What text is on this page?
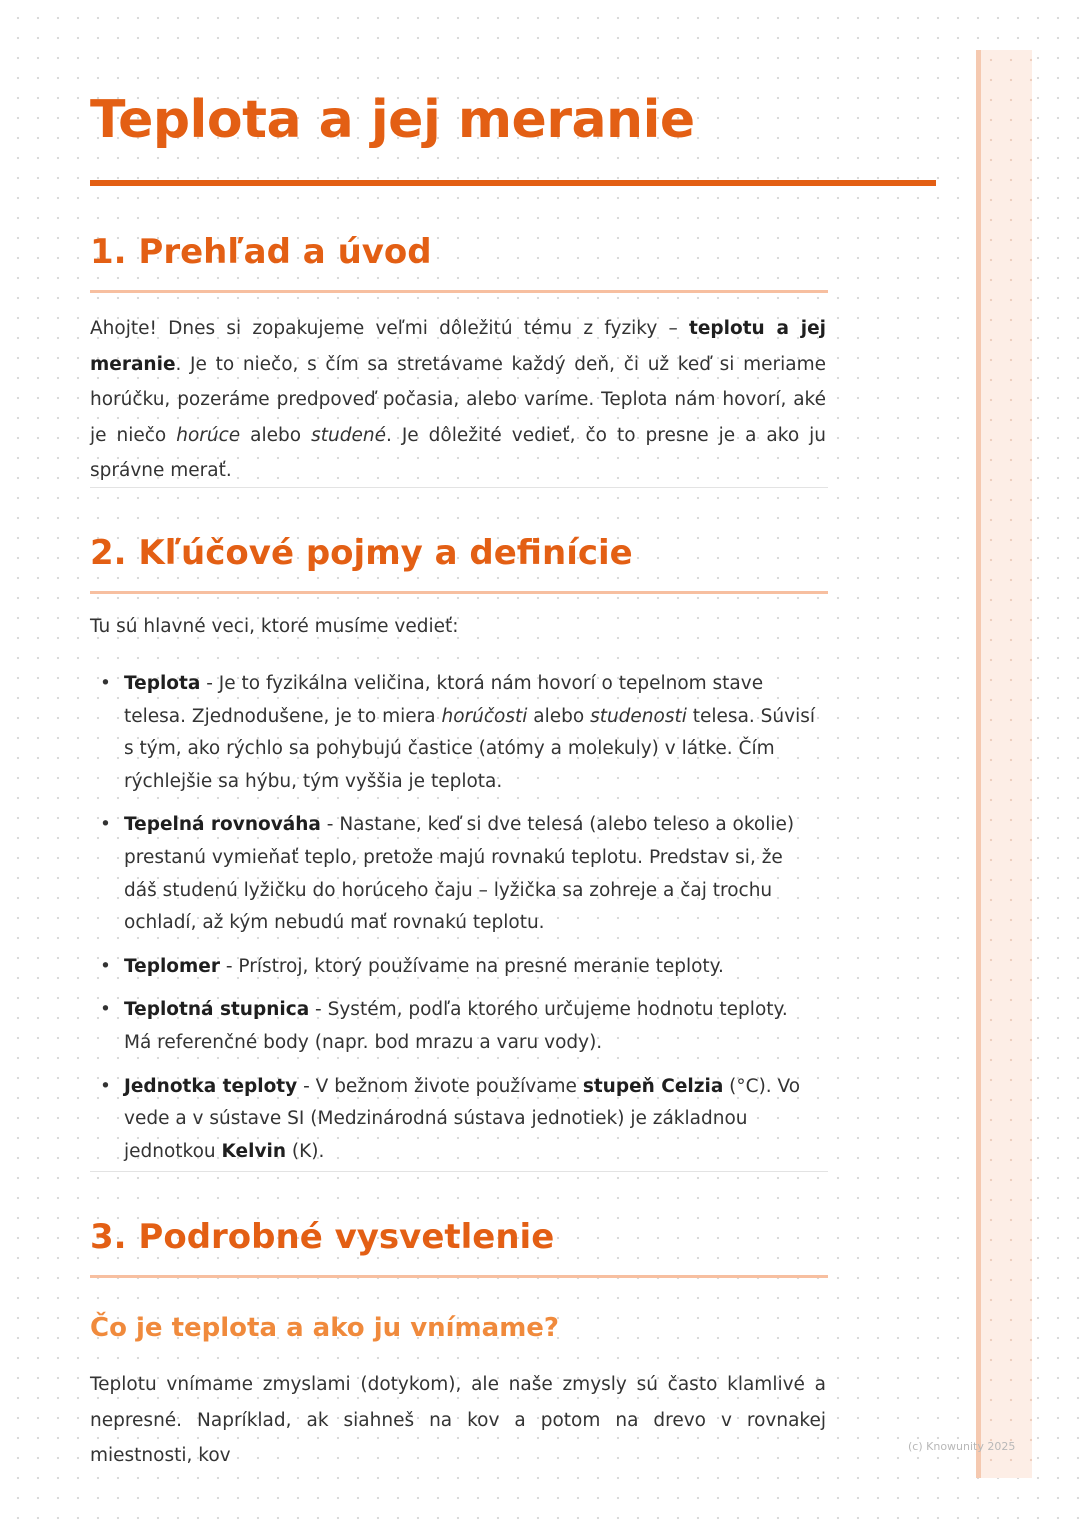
Teplota a jej meranie
1. Prehľad a úvod

Ahojte! Dnes si zopakujeme veľmi dôležitú tému z fyziky – teplotu a jej meranie. Je to niečo, s čím sa stretávame každý deň, či už keď si meriame horúčku, pozeráme predpoveď počasia, alebo varíme. Teplota nám hovorí, aké je niečo horúce alebo studené. Je dôležité vedieť, čo to presne je a ako ju správne merať.

2. Kľúčové pojmy a definície

Tu sú hlavné veci, ktoré musíme vedieť:

• Teplota - Je to fyzikálna veličina, ktorá nám hovorí o tepelnom stave telesa. Zjednodušene, je to miera horúčosti alebo studenosti telesa. Súvisí s tým, ako rýchlo sa pohybujú častice (atómy a molekuly) v látke. Čím rýchlejšie sa hýbu, tým vyššia je teplota.
• Tepelná rovnováha - Nastane, keď si dve telesá (alebo teleso a okolie) prestanú vymieňať teplo, pretože majú rovnakú teplotu. Predstav si, že dáš studenú lyžičku do horúceho čaju – lyžička sa zohreje a čaj trochu ochladí, až kým nebudú mať rovnakú teplotu.
• Teplomer - Prístroj, ktorý používame na presné meranie teploty.
• Teplotná stupnica - Systém, podľa ktorého určujeme hodnotu teploty. Má referenčné body (napr. bod mrazu a varu vody).
• Jednotka teploty - V bežnom živote používame stupeň Celzia (°C). Vo vede a v sústave SI (Medzinárodná sústava jednotiek) je základnou jednotkou Kelvin (K).
3. Podrobné vysvetlenie
Čo je teplota a ako ju vnímame?

Teplotu vnímame zmyslami (dotykom), ale naše zmysly sú často klamlivé a nepresné. Napríklad, ak siahneš na kov a potom na drevo v rovnakej miestnosti, kov	(c) Knowunity 2025
